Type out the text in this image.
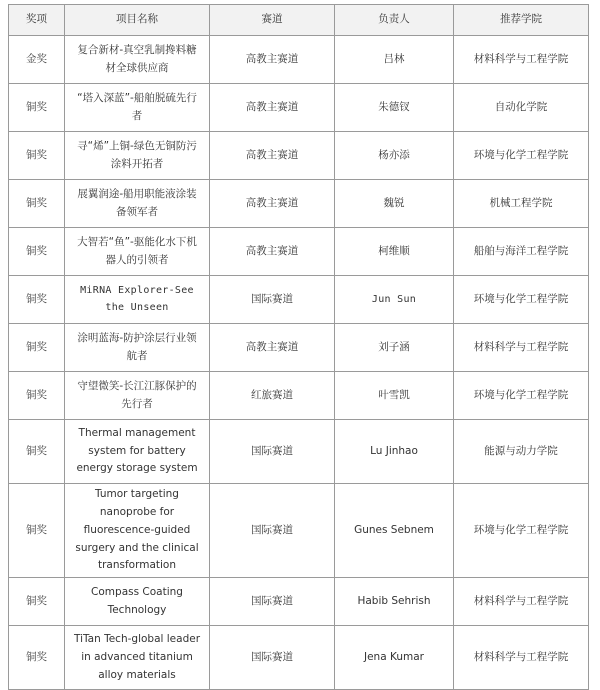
奖项	项目名称	赛道	负责人	推荐学院
金奖	复合新材-真空乳制搀料糖材全球供应商	高教主赛道	吕林	材料科学与工程学院
铜奖	“塔入深蓝”-船舶脱硫先行者	高教主赛道	朱德钗	自动化学院
铜奖	寻“烯”上铜-绿色无铜防污涂料开拓者	高教主赛道	杨亦添	环境与化学工程学院
铜奖	展翼润途-船用职能液涂装备领军者	高教主赛道	魏锐	机械工程学院
铜奖	大智若“鱼”-驱能化水下机器人的引领者	高教主赛道	柯维顺	船舶与海洋工程学院
铜奖	MiRNA Explorer-See the Unseen	国际赛道	Jun Sun	环境与化学工程学院
铜奖	涂明蓝海-防护涂层行业领航者	高教主赛道	刘子涵	材料科学与工程学院
铜奖	守望微笑-长江江豚保护的先行者	红旅赛道	叶雪凯	环境与化学工程学院
铜奖	Thermal management system for battery energy storage system	国际赛道	Lu Jinhao	能源与动力学院
铜奖	Tumor targeting nanoprobe for fluorescence-guided surgery and the clinical transformation	国际赛道	Gunes Sebnem	环境与化学工程学院
铜奖	Compass Coating Technology	国际赛道	Habib Sehrish	材料科学与工程学院
铜奖	TiTan Tech-global leader in advanced titanium alloy materials	国际赛道	Jena Kumar	材料科学与工程学院
